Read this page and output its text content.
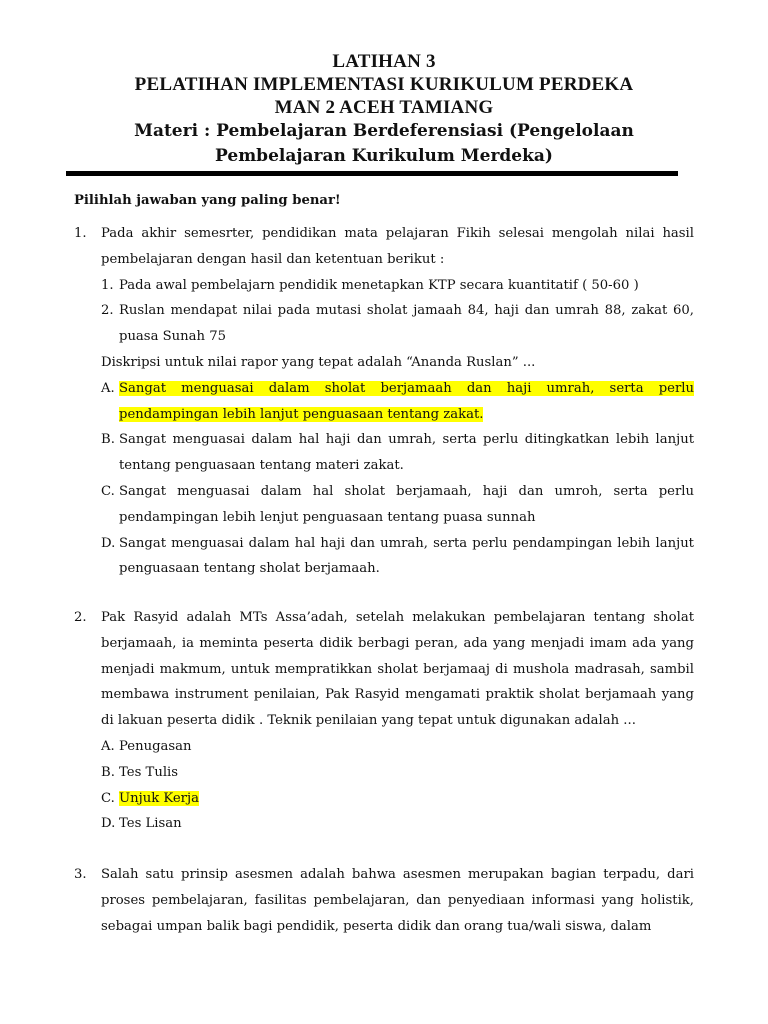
LATIHAN 3
PELATIHAN IMPLEMENTASI KURIKULUM PERDEKA
MAN 2 ACEH TAMIANG
Materi : Pembelajaran Berdeferensiasi (Pengelolaan
Pembelajaran Kurikulum Merdeka)
Pilihlah jawaban yang paling benar!
1.	Pada akhir semesrter, pendidikan mata pelajaran Fikih selesai mengolah nilai hasil pembelajaran dengan hasil dan ketentuan berikut :
1. Pada awal pembelajarn pendidik menetapkan KTP secara kuantitatif ( 50-60 )
2. Ruslan mendapat nilai pada mutasi sholat jamaah 84, haji dan umrah 88, zakat 60, puasa Sunah 75
Diskripsi untuk nilai rapor yang tepat adalah “Ananda Ruslan” ...
A. Sangat menguasai dalam sholat berjamaah dan haji umrah, serta perlu pendampingan lebih lanjut penguasaan tentang zakat.
B. Sangat menguasai dalam hal haji dan umrah, serta perlu ditingkatkan lebih lanjut tentang penguasaan tentang materi zakat.
C. Sangat menguasai dalam hal sholat berjamaah, haji dan umroh, serta perlu pendampingan lebih lenjut penguasaan tentang puasa sunnah
D. Sangat menguasai dalam hal haji dan umrah, serta perlu pendampingan lebih lanjut penguasaan tentang sholat berjamaah.
2.	Pak Rasyid adalah MTs Assa’adah, setelah melakukan pembelajaran tentang sholat berjamaah, ia meminta peserta didik berbagi peran, ada yang menjadi imam ada yang menjadi makmum, untuk mempratikkan sholat berjamaaj di mushola madrasah, sambil membawa instrument penilaian, Pak Rasyid mengamati praktik sholat berjamaah yang di lakuan peserta didik . Teknik penilaian yang tepat untuk digunakan adalah ...
A. Penugasan
B. Tes Tulis
C. Unjuk Kerja
D. Tes Lisan
3.	Salah satu prinsip asesmen adalah bahwa asesmen merupakan bagian terpadu, dari proses pembelajaran, fasilitas pembelajaran, dan penyediaan informasi yang holistik, sebagai umpan balik bagi pendidik, peserta didik dan orang tua/wali siswa, dalam
